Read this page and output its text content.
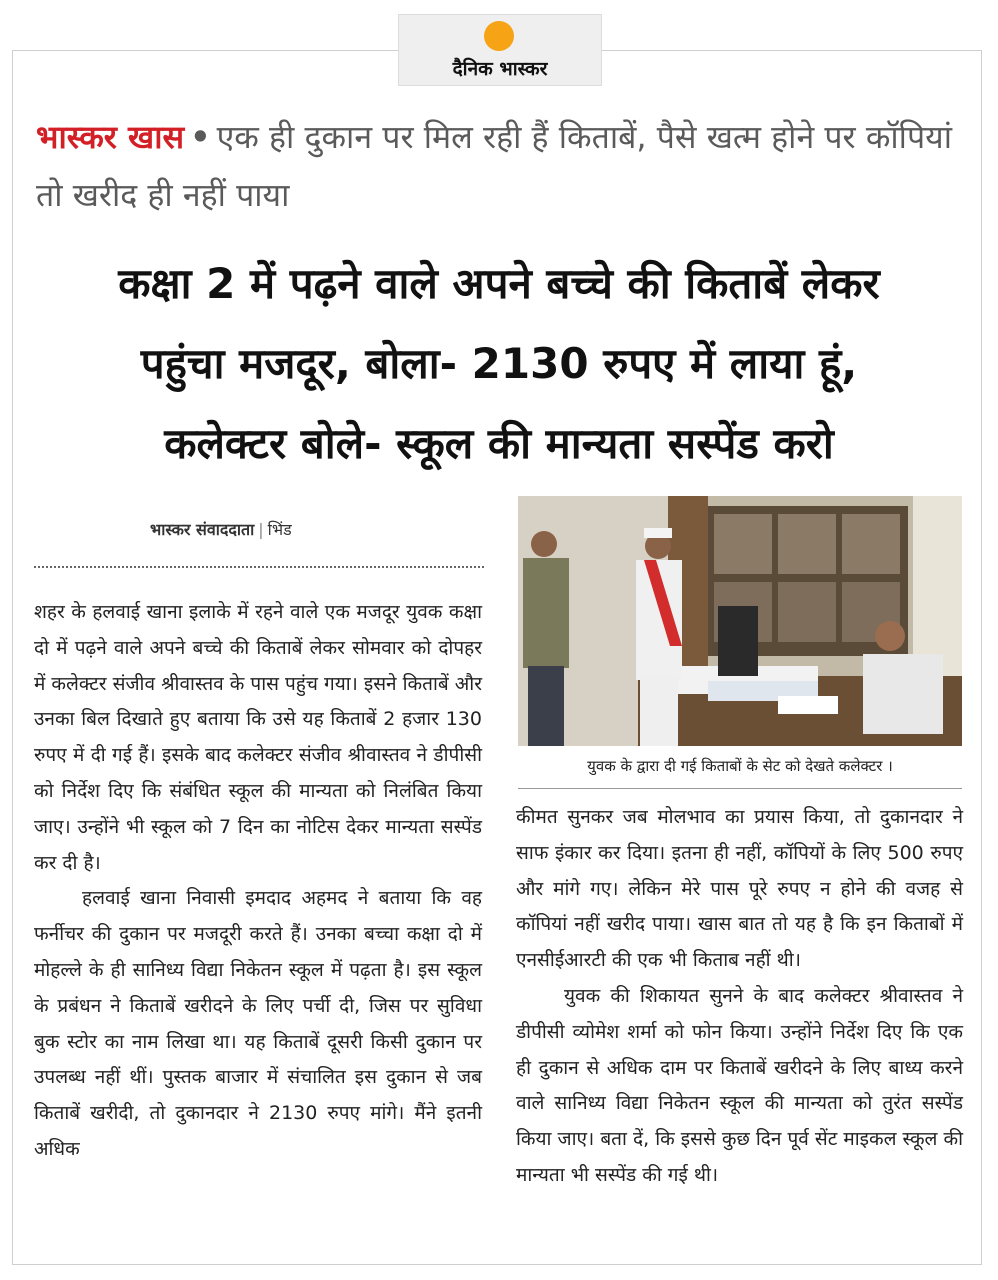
दैनिक भास्कर
भास्कर खास • एक ही दुकान पर मिल रही हैं किताबें, पैसे खत्म होने पर कॉपियां तो खरीद ही नहीं पाया
कक्षा 2 में पढ़ने वाले अपने बच्चे की किताबें लेकर
पहुंचा मजदूर, बोला- 2130 रुपए में लाया हूं,
कलेक्टर बोले- स्कूल की मान्यता सस्पेंड करो
भास्कर संवाददाता | भिंड

शहर के हलवाई खाना इलाके में रहने वाले एक मजदूर युवक कक्षा दो में पढ़ने वाले अपने बच्चे की किताबें लेकर सोमवार को दोपहर में कलेक्टर संजीव श्रीवास्तव के पास पहुंच गया। इसने किताबें और उनका बिल दिखाते हुए बताया कि उसे यह किताबें 2 हजार 130 रुपए में दी गई हैं। इसके बाद कलेक्टर संजीव श्रीवास्तव ने डीपीसी को निर्देश दिए कि संबंधित स्कूल की मान्यता को निलंबित किया जाए। उन्होंने भी स्कूल को 7 दिन का नोटिस देकर मान्यता सस्पेंड कर दी है।

हलवाई खाना निवासी इमदाद अहमद ने बताया कि वह फर्नीचर की दुकान पर मजदूरी करते हैं। उनका बच्चा कक्षा दो में मोहल्ले के ही सानिध्य विद्या निकेतन स्कूल में पढ़ता है। इस स्कूल के प्रबंधन ने किताबें खरीदने के लिए पर्ची दी, जिस पर सुविधा बुक स्टोर का नाम लिखा था। यह किताबें दूसरी किसी दुकान पर उपलब्ध नहीं थीं। पुस्तक बाजार में संचालित इस दुकान से जब किताबें खरीदी, तो दुकानदार ने 2130 रुपए मांगे। मैंने इतनी अधिक

युवक के द्वारा दी गई किताबों के सेट को देखते कलेक्टर ।

कीमत सुनकर जब मोलभाव का प्रयास किया, तो दुकानदार ने साफ इंकार कर दिया। इतना ही नहीं, कॉपियों के लिए 500 रुपए और मांगे गए। लेकिन मेरे पास पूरे रुपए न होने की वजह से कॉपियां नहीं खरीद पाया। खास बात तो यह है कि इन किताबों में एनसीईआरटी की एक भी किताब नहीं थी।

युवक की शिकायत सुनने के बाद कलेक्टर श्रीवास्तव ने डीपीसी व्योमेश शर्मा को फोन किया। उन्होंने निर्देश दिए कि एक ही दुकान से अधिक दाम पर किताबें खरीदने के लिए बाध्य करने वाले सानिध्य विद्या निकेतन स्कूल की मान्यता को तुरंत सस्पेंड किया जाए। बता दें, कि इससे कुछ दिन पूर्व सेंट माइकल स्कूल की मान्यता भी सस्पेंड की गई थी।
